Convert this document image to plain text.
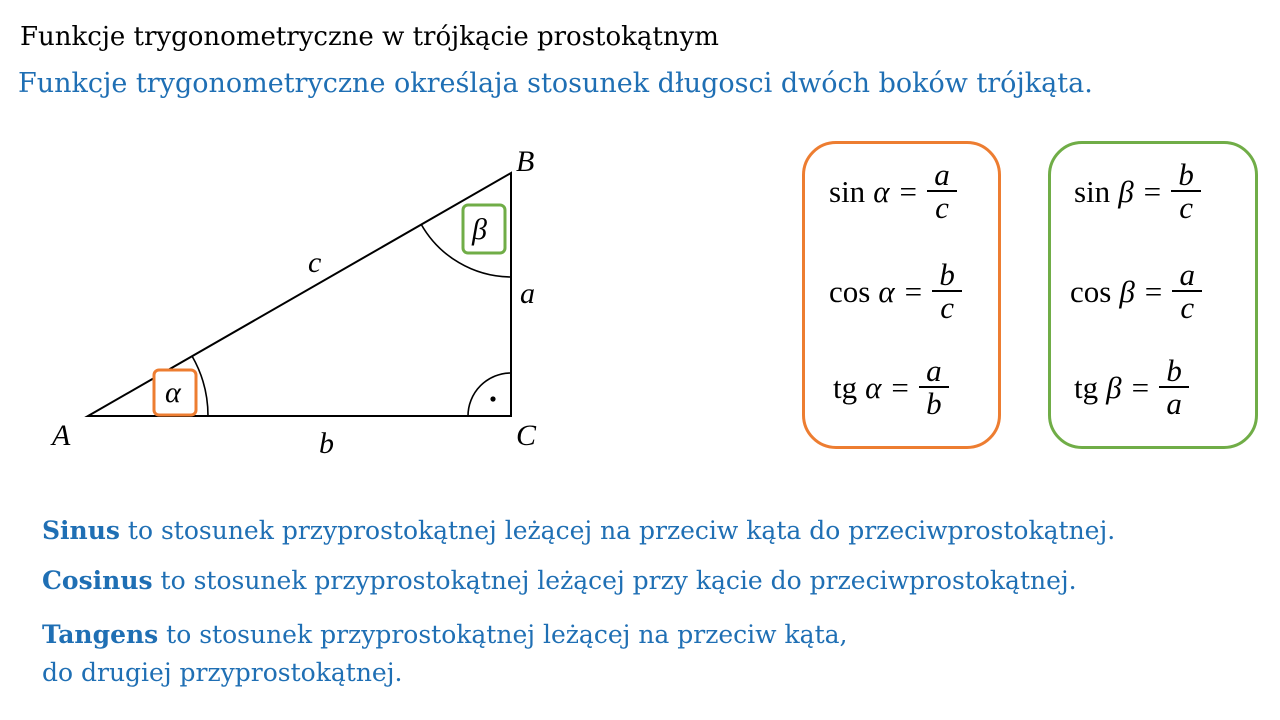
Funkcje trygonometryczne w trójkącie prostokątnym
Funkcje trygonometryczne określaja stosunek długosci dwóch boków trójkąta.
α
β
A
B
C
a
b
c
$\sin \alpha = \frac{a}{c}$
$\cos \alpha = \frac{b}{c}$
tg $\alpha = \frac{a}{b}$
$\sin \beta = \frac{b}{c}$
$\cos \beta = \frac{a}{c}$
tg $\beta = \frac{b}{a}$
Sinus to stosunek przyprostokątnej leżącej na przeciw kąta do przeciwprostokątnej.
Cosinus to stosunek przyprostokątnej leżącej przy kącie do przeciwprostokątnej.
Tangens to stosunek przyprostokątnej leżącej na przeciw kąta,
do drugiej przyprostokątnej.
